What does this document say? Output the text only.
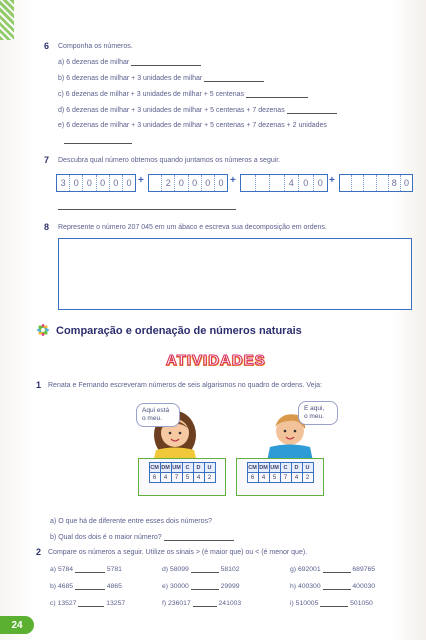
6 Componha os números.
a) 6 dezenas de milhar
b) 6 dezenas de milhar + 3 unidades de milhar
c) 6 dezenas de milhar + 3 unidades de milhar + 5 centenas
d) 6 dezenas de milhar + 3 unidades de milhar + 5 centenas + 7 dezenas
e) 6 dezenas de milhar + 3 unidades de milhar + 5 centenas + 7 dezenas + 2 unidades
7 Descubra qual número obtemos quando juntamos os números a seguir.
3 0 0 0 0 0 +	2 0 0 0 0 +	4	0	0 +	8 0
8 Represente o número 207 045 em um ábaco e escreva sua decomposição em ordens.
Comparação e ordenação de números naturais
ATIVIDADES
1 Renata e Fernando escreveram números de seis algarismos no quadro de ordens. Veja:
Aqui está
o meu.
E aqui,
o meu.
CM	DM	UM	C	D	U
6	4	7	5	4	2
CM	DM	UM	C	D	U
6	4	5	7	4	2
a) O que há de diferente entre esses dois números?
b) Qual dos dois é o maior número?
2 Compare os números a seguir. Utilize os sinais > (é maior que) ou < (é menor que).
a) 5784	5781
b) 4685	4865
c) 13527	13257
d) 58099	58102
e) 30000	29999
f) 236017	241003
g) 692001	689765
h) 400300	400030
i) 510005	501050
24
